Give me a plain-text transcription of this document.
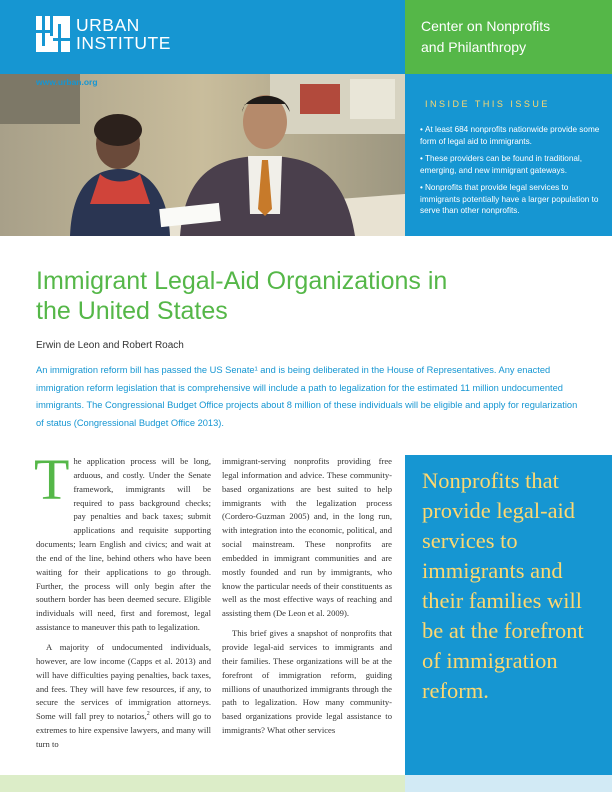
URBAN
INSTITUTE
Center on Nonprofits
and Philanthropy
www.urban.org
INSIDE THIS ISSUE
• At least 684 nonprofits nationwide provide some form of legal aid to immigrants.
• These providers can be found in traditional, emerging, and new immigrant gateways.
• Nonprofits that provide legal services to immigrants potentially have a larger population to serve than other nonprofits.
Immigrant Legal-Aid Organizations in the United States
Erwin de Leon and Robert Roach
An immigration reform bill has passed the US Senate¹ and is being deliberated in the House of Representatives. Any enacted immigration reform legislation that is comprehensive will include a path to legalization for the estimated 11 million undocumented immigrants. The Congressional Budget Office projects about 8 million of these individuals will be eligible and apply for regularization of status (Congressional Budget Office 2013).

The application process will be long, arduous, and costly. Under the Senate framework, immigrants will be required to pass background checks; pay penalties and back taxes; submit applications and requisite supporting documents; learn English and civics; and wait at the end of the line, behind others who have been waiting for their applications to go through. Further, the process will only begin after the southern border has been deemed secure. Eligible individuals will need, first and foremost, legal assistance to maneuver this path to legalization.

A majority of undocumented individuals, however, are low income (Capps et al. 2013) and will have difficulties paying penalties, back taxes, and fees. They will have few resources, if any, to secure the services of immigration attorneys. Some will fall prey to notarios,$^2$ others will go to extremes to hire expensive lawyers, and many will turn to

immigrant-serving nonprofits providing free legal information and advice. These community-based organizations are best suited to help immigrants with the legalization process (Cordero-Guzman 2005) and, in the long run, with integration into the economic, political, and social mainstream. These nonprofits are embedded in immigrant communities and are mostly founded and run by immigrants, who know the particular needs of their constituents as well as the most effective ways of reaching and assisting them (De Leon et al. 2009).

This brief gives a snapshot of nonprofits that provide legal-aid services to immigrants and their families. These organizations will be at the forefront of immigration reform, guiding millions of unauthorized immigrants through the path to legalization. How many community-based organizations provide legal assistance to immigrants? What other services

Nonprofits that provide legal-aid services to immigrants and their families will be at the forefront of immigration reform.
